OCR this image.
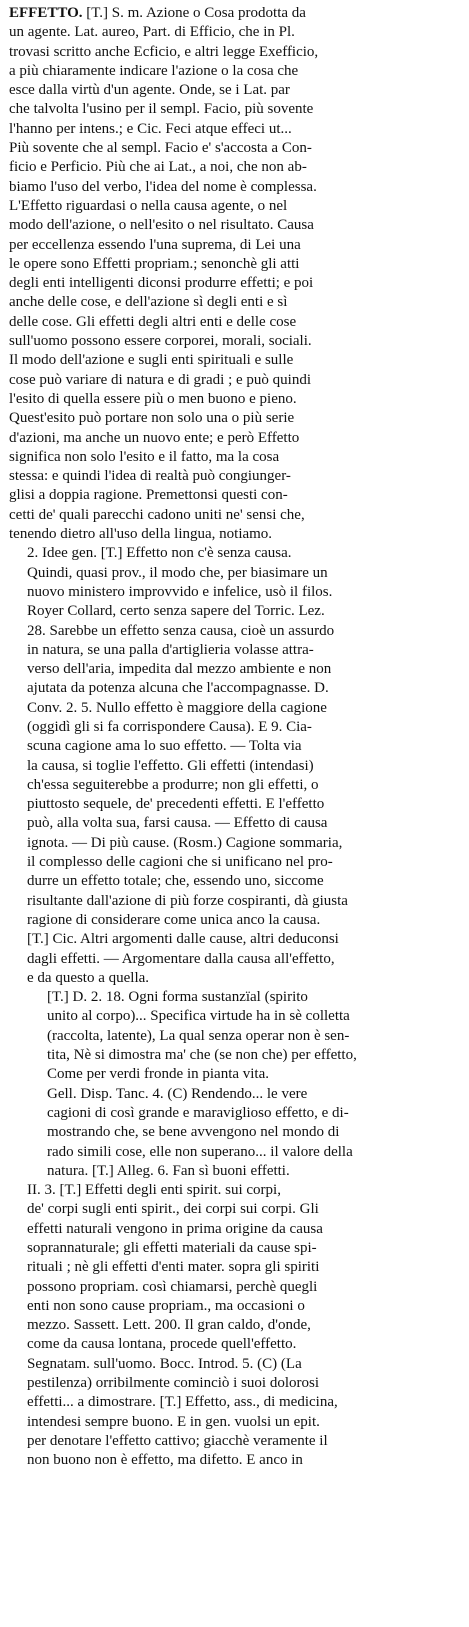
EFFETTO. [T.] S. m. Azione o Cosa prodotta da
un agente. Lat. aureo, Part. di Efficio, che in Pl.
trovasi scritto anche Ecficio, e altri legge Exefficio,
a più chiaramente indicare l'azione o la cosa che
esce dalla virtù d'un agente. Onde, se i Lat. par
che talvolta l'usino per il sempl. Facio, più sovente
l'hanno per intens.; e Cic. Feci atque effeci ut...
Più sovente che al sempl. Facio e' s'accosta a Con-
ficio e Perficio. Più che ai Lat., a noi, che non ab-
biamo l'uso del verbo, l'idea del nome è complessa.
L'Effetto riguardasi o nella causa agente, o nel
modo dell'azione, o nell'esito o nel risultato. Causa
per eccellenza essendo l'una suprema, di Lei una
le opere sono Effetti propriam.; senonchè gli atti
degli enti intelligenti diconsi produrre effetti; e poi
anche delle cose, e dell'azione sì degli enti e sì
delle cose. Gli effetti degli altri enti e delle cose
sull'uomo possono essere corporei, morali, sociali.
Il modo dell'azione e sugli enti spirituali e sulle
cose può variare di natura e di gradi ; e può quindi
l'esito di quella essere più o men buono e pieno.
Quest'esito può portare non solo una o più serie
d'azioni, ma anche un nuovo ente; e però Effetto
significa non solo l'esito e il fatto, ma la cosa
stessa: e quindi l'idea di realtà può congiunger-
glisi a doppia ragione. Premettonsi questi con-
cetti de' quali parecchi cadono uniti ne' sensi che,
tenendo dietro all'uso della lingua, notiamo.
2. Idee gen. [T.] Effetto non c'è senza causa.
Quindi, quasi prov., il modo che, per biasimare un
nuovo ministero improvvido e infelice, usò il filos.
Royer Collard, certo senza sapere del Torric. Lez.
28. Sarebbe un effetto senza causa, cioè un assurdo
in natura, se una palla d'artiglieria volasse attra-
verso dell'aria, impedita dal mezzo ambiente e non
ajutata da potenza alcuna che l'accompagnasse. D.
Conv. 2. 5. Nullo effetto è maggiore della cagione
(oggidì gli si fa corrispondere Causa). E 9. Cia-
scuna cagione ama lo suo effetto. — Tolta via
la causa, si toglie l'effetto. Gli effetti (intendasi)
ch'essa seguiterebbe a produrre; non gli effetti, o
piuttosto sequele, de' precedenti effetti. E l'effetto
può, alla volta sua, farsi causa. — Effetto di causa
ignota. — Di più cause. (Rosm.) Cagione sommaria,
il complesso delle cagioni che si unificano nel pro-
durre un effetto totale; che, essendo uno, siccome
risultante dall'azione di più forze cospiranti, dà giusta
ragione di considerare come unica anco la causa.
[T.] Cic. Altri argomenti dalle cause, altri deduconsi
dagli effetti. — Argomentare dalla causa all'effetto,
e da questo a quella.
[T.] D. 2. 18. Ogni forma sustanzïal (spirito
unito al corpo)... Specifica virtude ha in sè colletta
(raccolta, latente), La qual senza operar non è sen-
tita, Nè si dimostra ma' che (se non che) per effetto,
Come per verdi fronde in pianta vita.
Gell. Disp. Tanc. 4. (C) Rendendo... le vere
cagioni di così grande e maraviglioso effetto, e di-
mostrando che, se bene avvengono nel mondo di
rado simili cose, elle non superano... il valore della
natura. [T.] Alleg. 6. Fan sì buoni effetti.
II. 3. [T.] Effetti degli enti spirit. sui corpi,
de' corpi sugli enti spirit., dei corpi sui corpi. Gli
effetti naturali vengono in prima origine da causa
soprannaturale; gli effetti materiali da cause spi-
rituali ; nè gli effetti d'enti mater. sopra gli spiriti
possono propriam. così chiamarsi, perchè quegli
enti non sono cause propriam., ma occasioni o
mezzo. Sassett. Lett. 200. Il gran caldo, d'onde,
come da causa lontana, procede quell'effetto.
Segnatam. sull'uomo. Bocc. Introd. 5. (C) (La
pestilenza) orribilmente cominciò i suoi dolorosi
effetti... a dimostrare. [T.] Effetto, ass., di medicina,
intendesi sempre buono. E in gen. vuolsi un epit.
per denotare l'effetto cattivo; giacchè veramente il
non buono non è effetto, ma difetto. E anco in
